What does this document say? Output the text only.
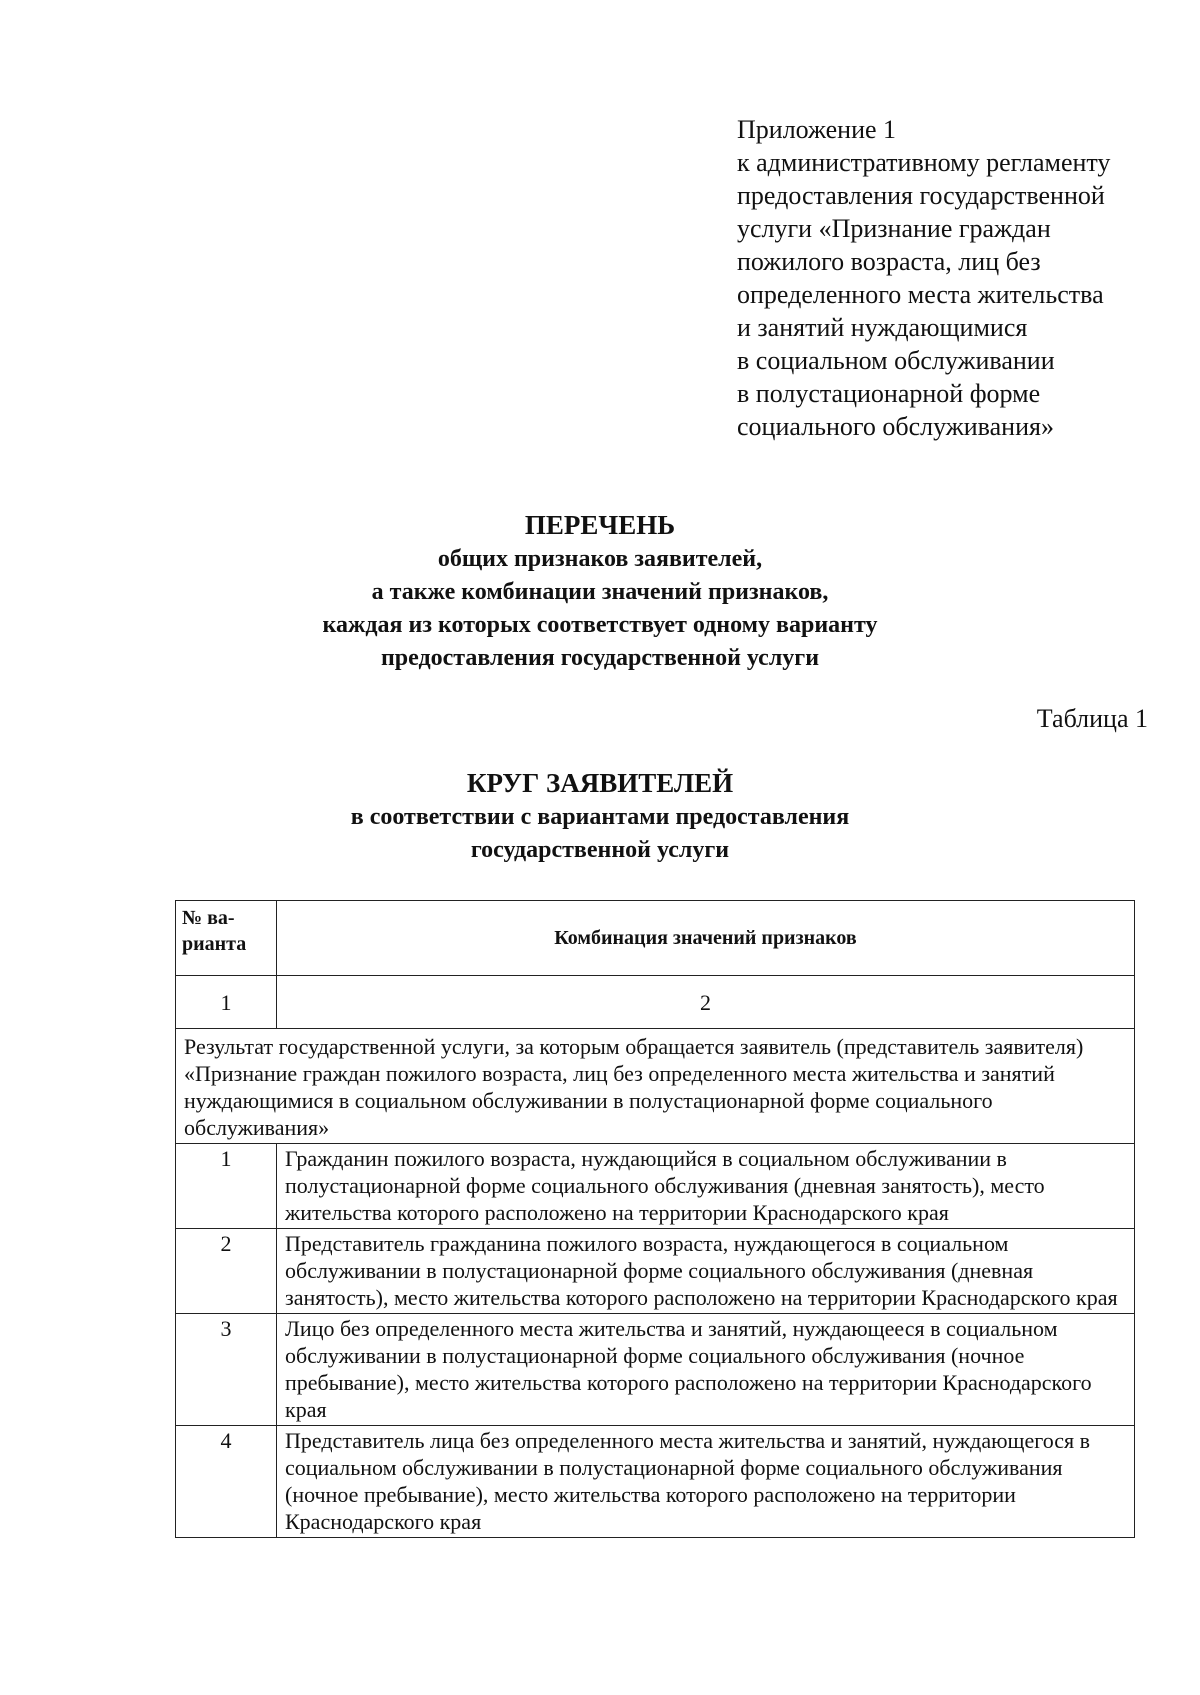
Приложение 1
к административному регламенту
предоставления государственной
услуги «Признание граждан
пожилого возраста, лиц без
определенного места жительства
и занятий нуждающимися
в социальном обслуживании
в полустационарной форме
социального обслуживания»
ПЕРЕЧЕНЬ
общих признаков заявителей,
а также комбинации значений признаков,
каждая из которых соответствует одному варианту
предоставления государственной услуги
Таблица 1
КРУГ ЗАЯВИТЕЛЕЙ
в соответствии с вариантами предоставления
государственной услуги
№ ва-
рианта	Комбинация значений признаков
1	2
Результат государственной услуги, за которым обращается заявитель (представитель заявителя) «Признание граждан пожилого возраста, лиц без определенного места жительства и занятий нуждающимися в социальном обслуживании в полустационарной форме социального обслуживания»	
1	Гражданин пожилого возраста, нуждающийся в социальном обслуживании в полустационарной форме социального обслуживания (дневная занятость), место жительства которого расположено на территории Краснодарского края
2	Представитель гражданина пожилого возраста, нуждающегося в социальном обслуживании в полустационарной форме социального обслуживания (дневная занятость), место жительства которого расположено на территории Краснодарского края
3	Лицо без определенного места жительства и занятий, нуждающееся в социальном обслуживании в полустационарной форме социального обслуживания (ночное пребывание), место жительства которого расположено на территории Краснодарского края
4	Представитель лица без определенного места жительства и занятий, нуждающегося в социальном обслуживании в полустационарной форме социального обслуживания (ночное пребывание), место жительства которого расположено на территории Краснодарского края
